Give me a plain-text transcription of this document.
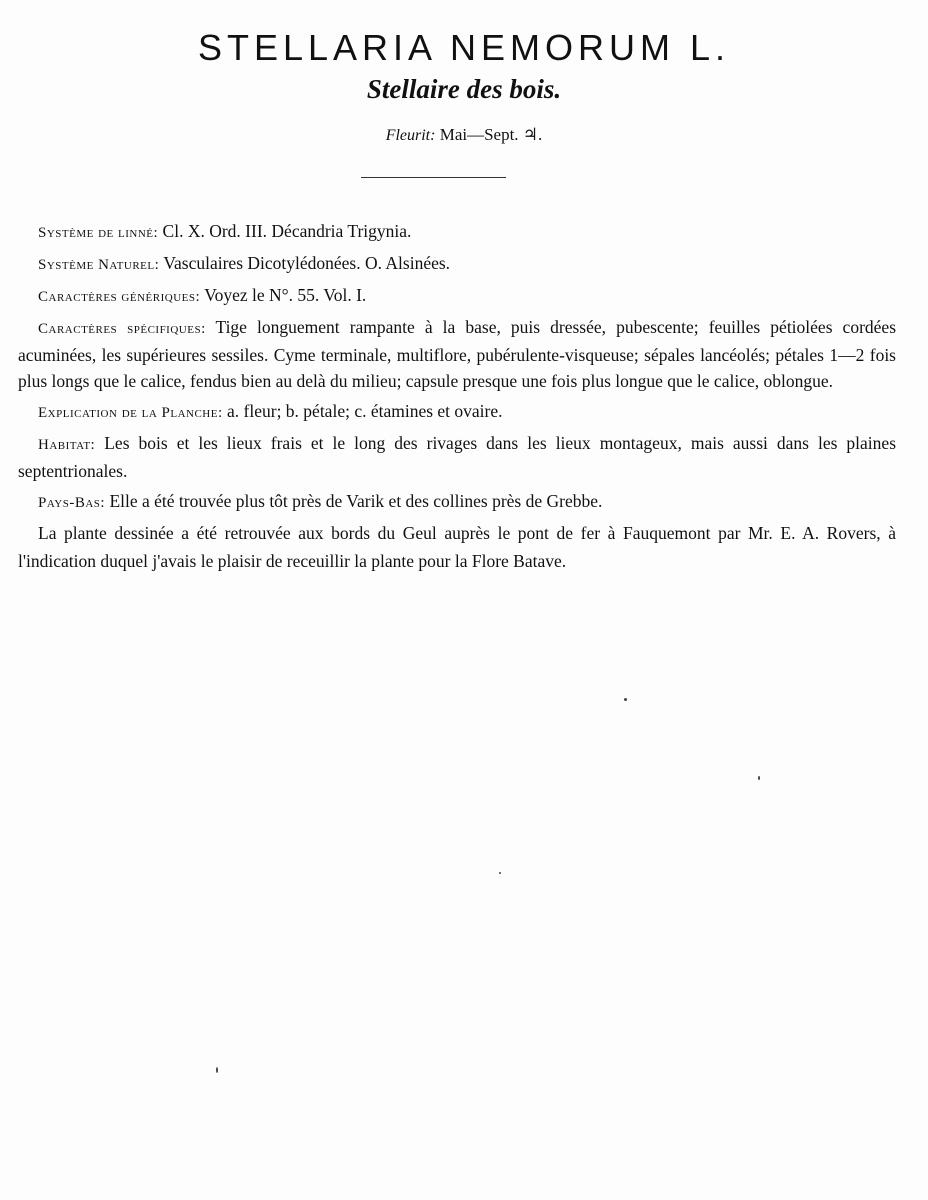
STELLARIA NEMORUM L.
Stellaire des bois.
Fleurit: Mai—Sept. ♃.

Système de linné: Cl. X. Ord. III. Décandria Trigynia.

Système Naturel: Vasculaires Dicotylédonées. O. Alsinées.

Caractères génériques: Voyez le N°. 55. Vol. I.

Caractères spécifiques: Tige longuement rampante à la base, puis dressée, pubescente; feuilles pétiolées cordées acuminées, les supérieures sessiles. Cyme terminale, multiflore, pubérulente-visqueuse; sépales lancéolés; pétales 1—2 fois plus longs que le calice, fendus bien au delà du milieu; capsule presque une fois plus longue que le calice, oblongue.

Explication de la Planche: a. fleur; b. pétale; c. étamines et ovaire.

Habitat: Les bois et les lieux frais et le long des rivages dans les lieux montageux, mais aussi dans les plaines septentrionales.

Pays-Bas: Elle a été trouvée plus tôt près de Varik et des collines près de Grebbe.

La plante dessinée a été retrouvée aux bords du Geul auprès le pont de fer à Fauquemont par Mr. E. A. Rovers, à l'indication duquel j'avais le plaisir de receuillir la plante pour la Flore Batave.
